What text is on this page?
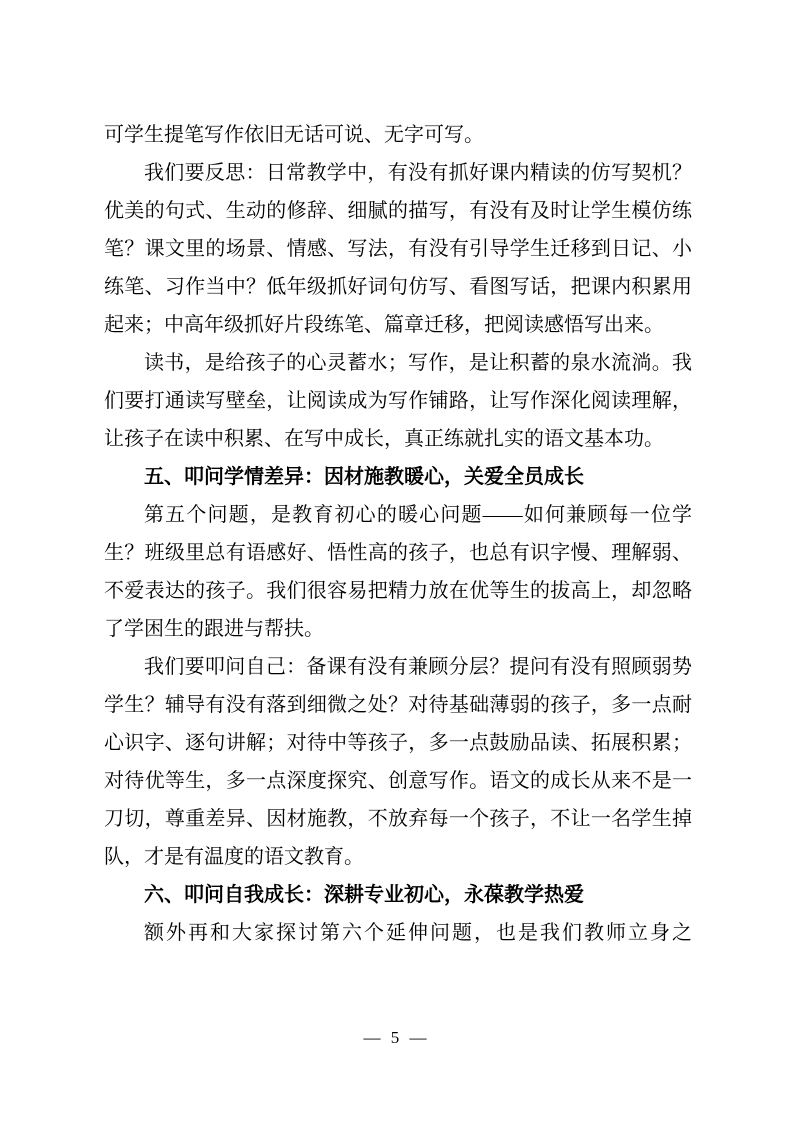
可学生提笔写作依旧无话可说、无字可写。

我们要反思：日常教学中，有没有抓好课内精读的仿写契机？优美的句式、生动的修辞、细腻的描写，有没有及时让学生模仿练笔？课文里的场景、情感、写法，有没有引导学生迁移到日记、小练笔、习作当中？低年级抓好词句仿写、看图写话，把课内积累用起来；中高年级抓好片段练笔、篇章迁移，把阅读感悟写出来。

读书，是给孩子的心灵蓄水；写作，是让积蓄的泉水流淌。我们要打通读写壁垒，让阅读成为写作铺路，让写作深化阅读理解，让孩子在读中积累、在写中成长，真正练就扎实的语文基本功。

五、叩问学情差异：因材施教暖心，关爱全员成长

第五个问题，是教育初心的暖心问题——如何兼顾每一位学生？班级里总有语感好、悟性高的孩子，也总有识字慢、理解弱、不爱表达的孩子。我们很容易把精力放在优等生的拔高上，却忽略了学困生的跟进与帮扶。

我们要叩问自己：备课有没有兼顾分层？提问有没有照顾弱势学生？辅导有没有落到细微之处？对待基础薄弱的孩子，多一点耐心识字、逐句讲解；对待中等孩子，多一点鼓励品读、拓展积累；对待优等生，多一点深度探究、创意写作。语文的成长从来不是一刀切，尊重差异、因材施教，不放弃每一个孩子，不让一名学生掉队，才是有温度的语文教育。

六、叩问自我成长：深耕专业初心，永葆教学热爱

额外再和大家探讨第六个延伸问题，也是我们教师立身之

— 5 —
